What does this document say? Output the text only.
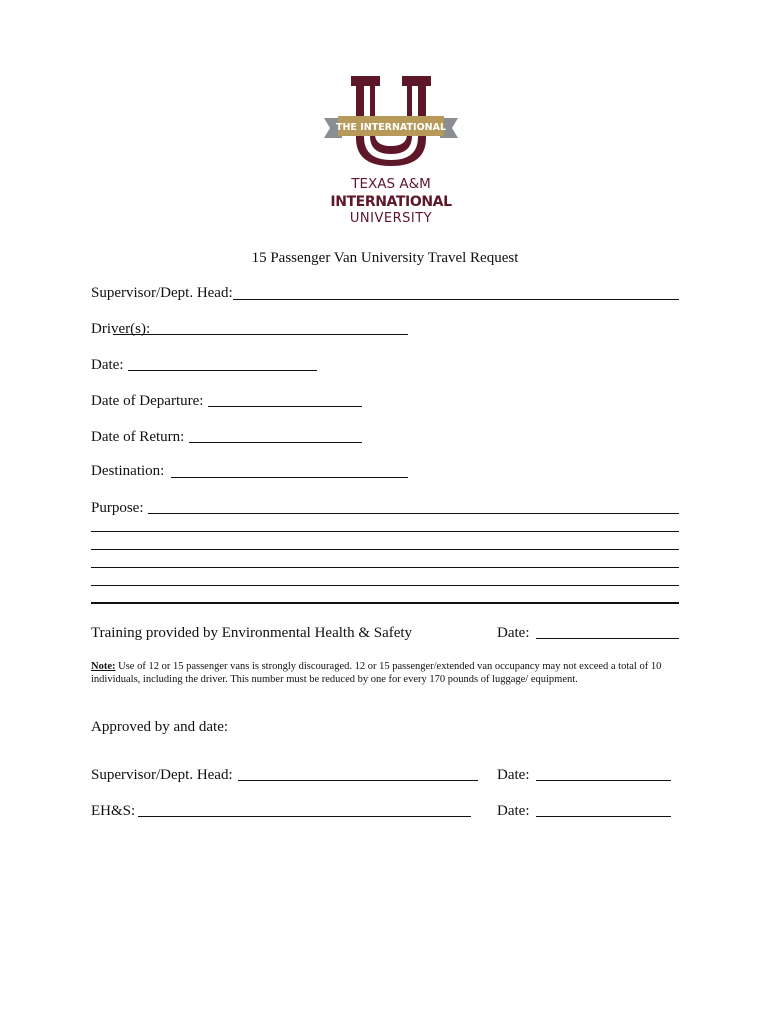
THE INTERNATIONAL
TEXAS A&M
INTERNATIONAL
UNIVERSITY
15 Passenger Van University Travel Request
Supervisor/Dept. Head:
Driver(s):
Date:
Date of Departure:
Date of Return:
Destination:
Purpose:
Training provided by Environmental Health & Safety	Date:
Note: Use of 12 or 15 passenger vans is strongly discouraged. 12 or 15 passenger/extended van occupancy may not exceed a total of 10 individuals, including the driver. This number must be reduced by one for every 170 pounds of luggage/ equipment.
Approved by and date:
Supervisor/Dept. Head:	Date:
EH&S:	Date:
